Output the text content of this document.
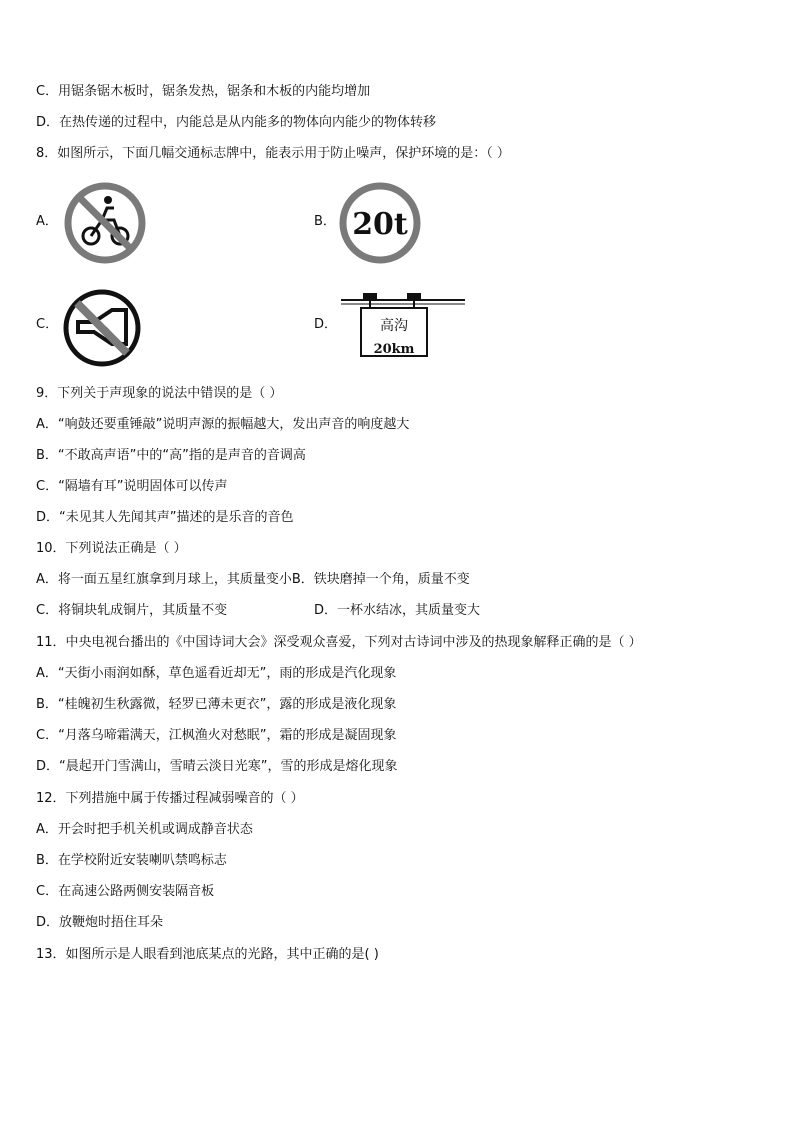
C．用锯条锯木板时，锯条发热，锯条和木板的内能均增加
D．在热传递的过程中，内能总是从内能多的物体向内能少的物体转移
8．如图所示，下面几幅交通标志牌中，能表示用于防止噪声，保护环境的是：（ ）
A．	B． 20t
C．	D．	高沟
20km
9．下列关于声现象的说法中错误的是（ ）
A．“响鼓还要重锤敲”说明声源的振幅越大，发出声音的响度越大
B．“不敢高声语”中的“高”指的是声音的音调高
C．“隔墙有耳”说明固体可以传声
D．“未见其人先闻其声”描述的是乐音的音色
10．下列说法正确是（ ）
A．将一面五星红旗拿到月球上，其质量变小B．铁块磨掉一个角，质量不变
C．将铜块轧成铜片，其质量不变	D．一杯水结冰，其质量变大
11．中央电视台播出的《中国诗词大会》深受观众喜爱，下列对古诗词中涉及的热现象解释正确的是（ ）
A．“天街小雨润如酥，草色遥看近却无”，雨的形成是汽化现象
B．“桂魄初生秋露微，轻罗已薄未更衣”，露的形成是液化现象
C．“月落乌啼霜满天，江枫渔火对愁眠”，霜的形成是凝固现象
D．“晨起开门雪满山，雪晴云淡日光寒”，雪的形成是熔化现象
12．下列措施中属于传播过程减弱噪音的（ ）
A．开会时把手机关机或调成静音状态
B．在学校附近安装喇叭禁鸣标志
C．在高速公路两侧安装隔音板
D．放鞭炮时捂住耳朵
13．如图所示是人眼看到池底某点的光路，其中正确的是( )
